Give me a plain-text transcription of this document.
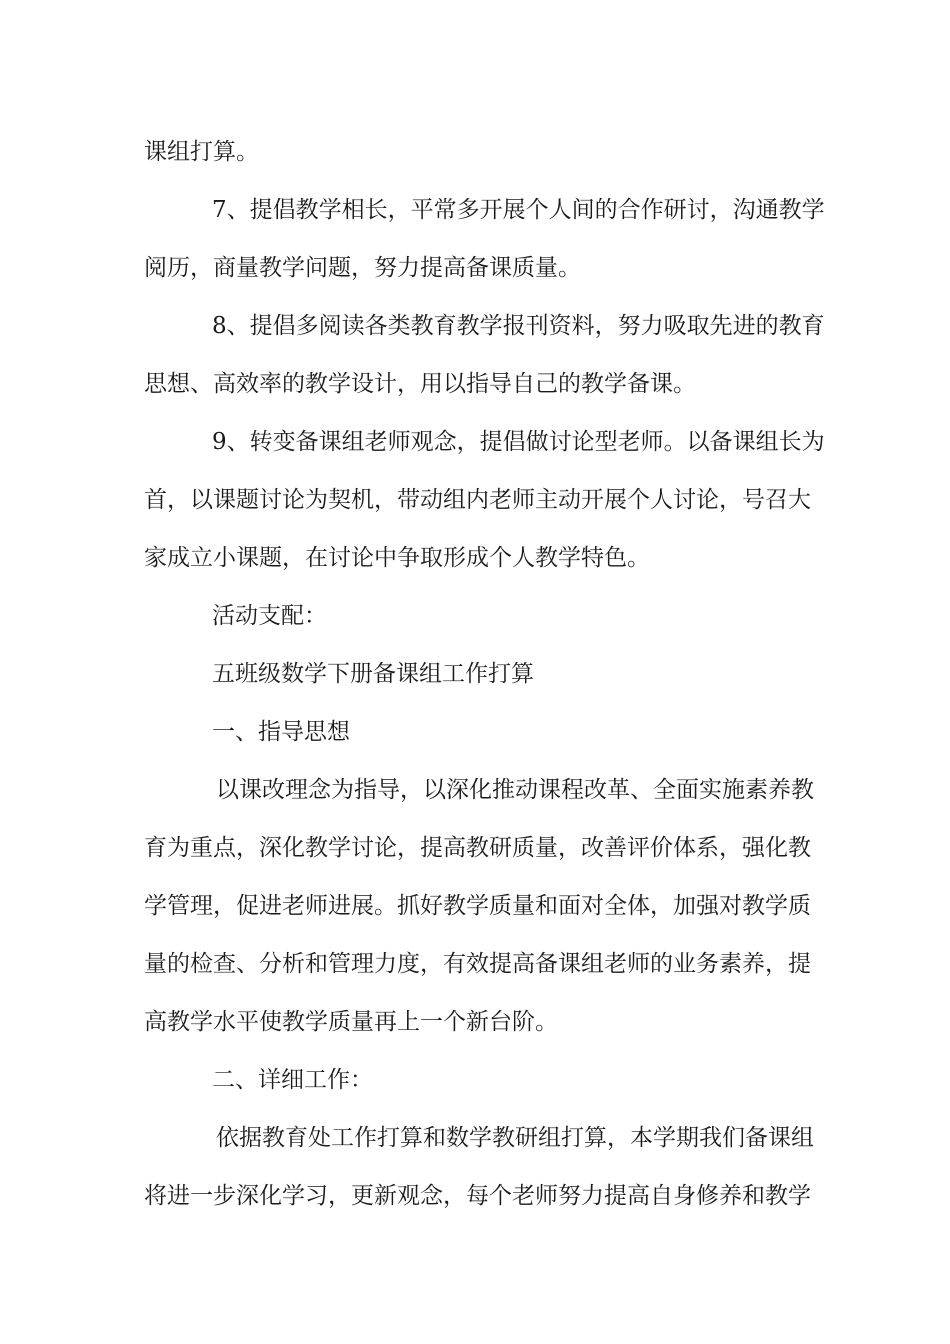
课组打算。
7、提倡教学相长，平常多开展个人间的合作研讨，沟通教学
阅历，商量教学问题，努力提高备课质量。
8、提倡多阅读各类教育教学报刊资料，努力吸取先进的教育
思想、高效率的教学设计，用以指导自己的教学备课。
9、转变备课组老师观念，提倡做讨论型老师。以备课组长为
首，以课题讨论为契机，带动组内老师主动开展个人讨论，号召大
家成立小课题，在讨论中争取形成个人教学特色。
活动支配：
五班级数学下册备课组工作打算
一、指导思想
以课改理念为指导，以深化推动课程改革、全面实施素养教
育为重点，深化教学讨论，提高教研质量，改善评价体系，强化教
学管理，促进老师进展。抓好教学质量和面对全体，加强对教学质
量的检查、分析和管理力度，有效提高备课组老师的业务素养，提
高教学水平使教学质量再上一个新台阶。
二、详细工作：
依据教育处工作打算和数学教研组打算，本学期我们备课组
将进一步深化学习，更新观念，每个老师努力提高自身修养和教学
